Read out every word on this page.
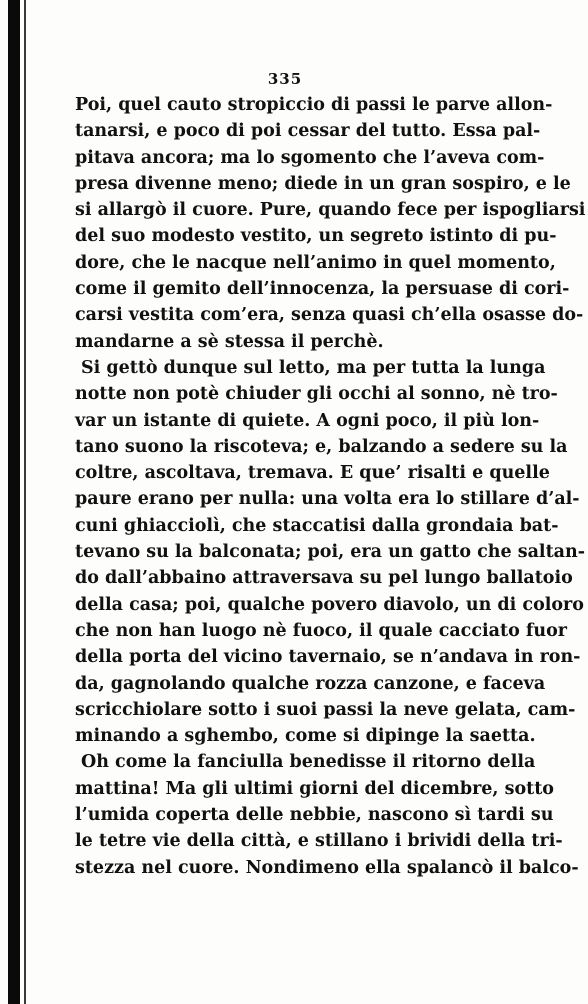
335
Poi, quel cauto stropiccio di passi le parve allon-
tanarsi, e poco di poi cessar del tutto. Essa pal-
pitava ancora; ma lo sgomento che l’aveva com-
presa divenne meno; diede in un gran sospiro, e le
si allargò il cuore. Pure, quando fece per ispogliarsi
del suo modesto vestito, un segreto istinto di pu-
dore, che le nacque nell’animo in quel momento,
come il gemito dell’innocenza, la persuase di cori-
carsi vestita com’era, senza quasi ch’ella osasse do-
mandarne a sè stessa il perchè.
Si gettò dunque sul letto, ma per tutta la lunga
notte non potè chiuder gli occhi al sonno, nè tro-
var un istante di quiete. A ogni poco, il più lon-
tano suono la riscoteva; e, balzando a sedere su la
coltre, ascoltava, tremava. E que’ risalti e quelle
paure erano per nulla: una volta era lo stillare d’al-
cuni ghiacciolì, che staccatisi dalla grondaia bat-
tevano su la balconata; poi, era un gatto che saltan-
do dall’abbaino attraversava su pel lungo ballatoio
della casa; poi, qualche povero diavolo, un di coloro
che non han luogo nè fuoco, il quale cacciato fuor
della porta del vicino tavernaio, se n’andava in ron-
da, gagnolando qualche rozza canzone, e faceva
scricchiolare sotto i suoi passi la neve gelata, cam-
minando a sghembo, come si dipinge la saetta.
Oh come la fanciulla benedisse il ritorno della
mattina! Ma gli ultimi giorni del dicembre, sotto
l’umida coperta delle nebbie, nascono sì tardi su
le tetre vie della città, e stillano i brividi della tri-
stezza nel cuore. Nondimeno ella spalancò il balco-
